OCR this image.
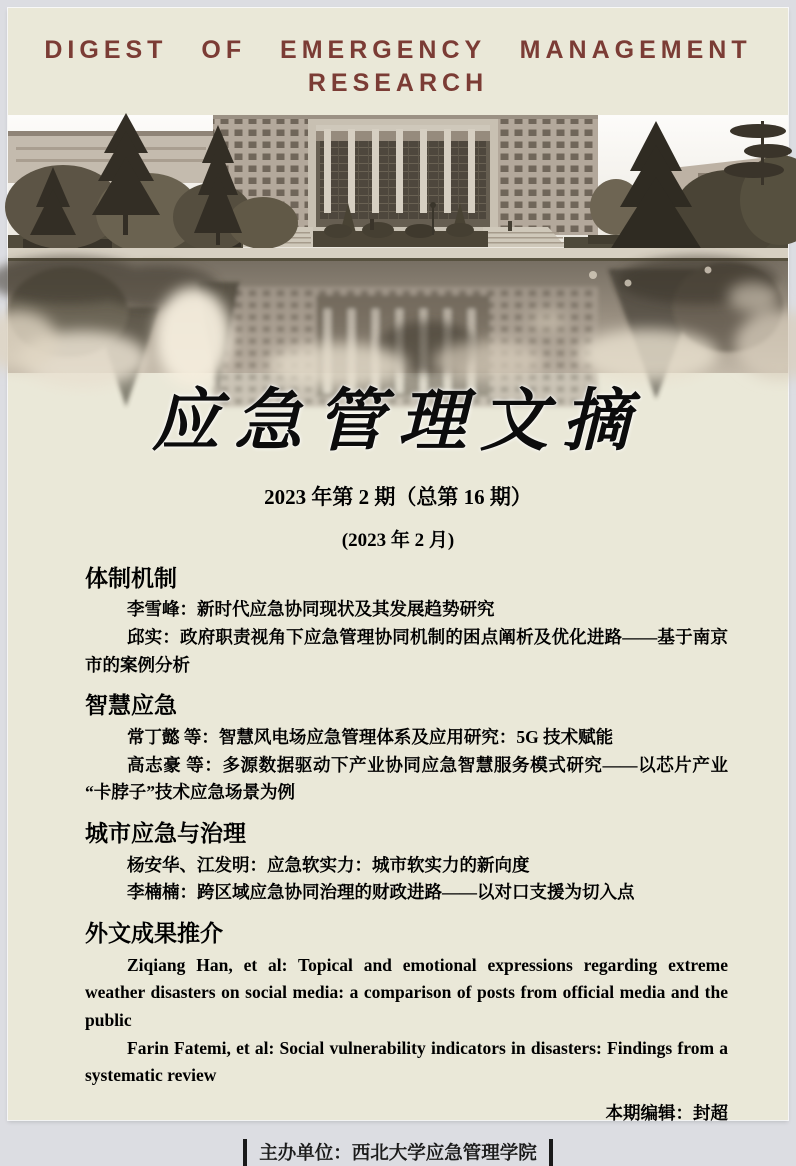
DIGEST OF EMERGENCY MANAGEMENT RESEARCH
应急管理文摘
2023 年第 2 期（总第 16 期）
(2023 年 2 月)
体制机制

李雪峰：新时代应急协同现状及其发展趋势研究

邱实：政府职责视角下应急管理协同机制的困点阐析及优化进路——基于南京市的案例分析

智慧应急

常丁懿 等：智慧风电场应急管理体系及应用研究：5G 技术赋能

高志豪 等：多源数据驱动下产业协同应急智慧服务模式研究——以芯片产业“卡脖子”技术应急场景为例

城市应急与治理

杨安华、江发明：应急软实力：城市软实力的新向度

李楠楠：跨区域应急协同治理的财政进路——以对口支援为切入点

外文成果推介

Ziqiang Han, et al: Topical and emotional expressions regarding extreme weather disasters on social media: a comparison of posts from official media and the public

Farin Fatemi, et al: Social vulnerability indicators in disasters: Findings from a systematic review

本期编辑：封超
主办单位：西北大学应急管理学院
